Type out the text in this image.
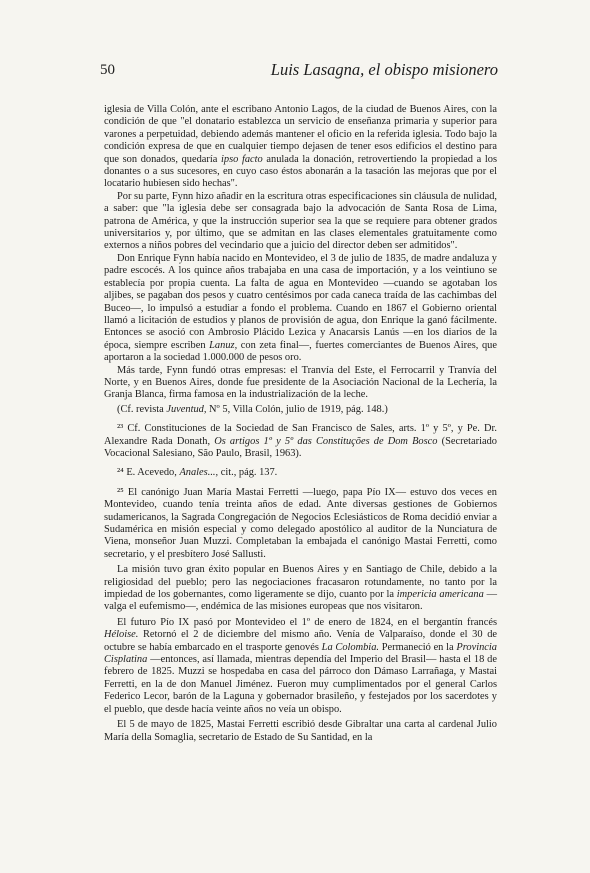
50	Luis Lasagna, el obispo misionero

iglesia de Villa Colón, ante el escribano Antonio Lagos, de la ciudad de Buenos Aires, con la condición de que "el donatario establezca un servicio de enseñanza primaria y superior para varones a perpetuidad, debiendo además mantener el oficio en la referida iglesia. Todo bajo la condición expresa de que en cualquier tiempo dejasen de tener esos edificios el destino para que son donados, quedaría ipso facto anulada la donación, retrovertiendo la propiedad a los donantes o a sus sucesores, en cuyo caso éstos abonarán a la tasación las mejoras que por el locatario hubiesen sido hechas".

Por su parte, Fynn hizo añadir en la escritura otras especificaciones sin cláusula de nulidad, a saber: que "la iglesia debe ser consagrada bajo la advocación de Santa Rosa de Lima, patrona de América, y que la instrucción superior sea la que se requiere para obtener grados universitarios y, por último, que se admitan en las clases elementales gratuitamente como externos a niños pobres del vecindario que a juicio del director deben ser admitidos".

Don Enrique Fynn había nacido en Montevideo, el 3 de julio de 1835, de madre andaluza y padre escocés. A los quince años trabajaba en una casa de importación, y a los veintiuno se establecía por propia cuenta. La falta de agua en Montevideo —cuando se agotaban los aljibes, se pagaban dos pesos y cuatro centésimos por cada caneca traída de las cachimbas del Buceo—, lo impulsó a estudiar a fondo el problema. Cuando en 1867 el Gobierno oriental llamó a licitación de estudios y planos de provisión de agua, don Enrique la ganó fácilmente. Entonces se asoció con Ambrosio Plácido Lezica y Anacarsis Lanús —en los diarios de la época, siempre escriben Lanuz, con zeta final—, fuertes comerciantes de Buenos Aires, que aportaron a la sociedad 1.000.000 de pesos oro.

Más tarde, Fynn fundó otras empresas: el Tranvía del Este, el Ferrocarril y Tranvía del Norte, y en Buenos Aires, donde fue presidente de la Asociación Nacional de la Lechería, la Granja Blanca, firma famosa en la industrialización de la leche.

(Cf. revista Juventud, Nº 5, Villa Colón, julio de 1919, pág. 148.)

²³ Cf. Constituciones de la Sociedad de San Francisco de Sales, arts. 1º y 5º, y Pe. Dr. Alexandre Rada Donath, Os artigos 1º y 5º das Constituções de Dom Bosco (Secretariado Vocacional Salesiano, São Paulo, Brasil, 1963).

²⁴ E. Acevedo, Anales..., cit., pág. 137.

²⁵ El canónigo Juan María Mastai Ferretti —luego, papa Pío IX— estuvo dos veces en Montevideo, cuando tenía treinta años de edad. Ante diversas gestiones de Gobiernos sudamericanos, la Sagrada Congregación de Negocios Eclesiásticos de Roma decidió enviar a Sudamérica en misión especial y como delegado apostólico al auditor de la Nunciatura de Viena, monseñor Juan Muzzi. Completaban la embajada el canónigo Mastai Ferretti, como secretario, y el presbítero José Sallusti.

La misión tuvo gran éxito popular en Buenos Aires y en Santiago de Chile, debido a la religiosidad del pueblo; pero las negociaciones fracasaron rotundamente, no tanto por la impiedad de los gobernantes, como ligeramente se dijo, cuanto por la impericia americana —valga el eufemismo—, endémica de las misiones europeas que nos visitaron.

El futuro Pío IX pasó por Montevideo el 1º de enero de 1824, en el bergantín francés Héloise. Retornó el 2 de diciembre del mismo año. Venía de Valparaíso, donde el 30 de octubre se había embarcado en el trasporte genovés La Colombia. Permaneció en la Provincia Cisplatina —entonces, así llamada, mientras dependía del Imperio del Brasil— hasta el 18 de febrero de 1825. Muzzi se hospedaba en casa del párroco don Dámaso Larrañaga, y Mastai Ferretti, en la de don Manuel Jiménez. Fueron muy cumplimentados por el general Carlos Federico Lecor, barón de la Laguna y gobernador brasileño, y festejados por los sacerdotes y el pueblo, que desde hacía veinte años no veía un obispo.

El 5 de mayo de 1825, Mastai Ferretti escribió desde Gibraltar una carta al cardenal Julio María della Somaglia, secretario de Estado de Su Santidad, en la
